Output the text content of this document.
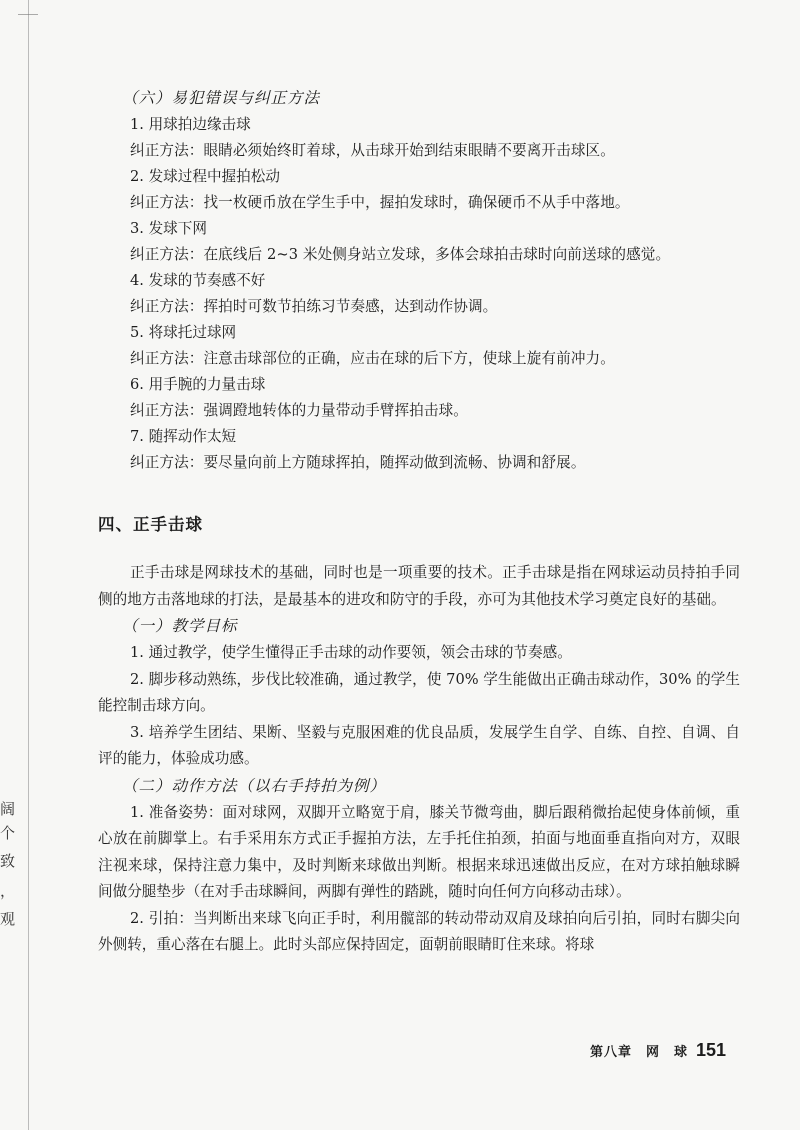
阔
个
致
，
观
（六）易犯错误与纠正方法
1. 用球拍边缘击球
纠正方法：眼睛必须始终盯着球，从击球开始到结束眼睛不要离开击球区。
2. 发球过程中握拍松动
纠正方法：找一枚硬币放在学生手中，握拍发球时，确保硬币不从手中落地。
3. 发球下网
纠正方法：在底线后 2~3 米处侧身站立发球，多体会球拍击球时向前送球的感觉。
4. 发球的节奏感不好
纠正方法：挥拍时可数节拍练习节奏感，达到动作协调。
5. 将球托过球网
纠正方法：注意击球部位的正确，应击在球的后下方，使球上旋有前冲力。
6. 用手腕的力量击球
纠正方法：强调蹬地转体的力量带动手臂挥拍击球。
7. 随挥动作太短
纠正方法：要尽量向前上方随球挥拍，随挥动做到流畅、协调和舒展。
四、正手击球
正手击球是网球技术的基础，同时也是一项重要的技术。正手击球是指在网球运动员持拍手同侧的地方击落地球的打法，是最基本的进攻和防守的手段，亦可为其他技术学习奠定良好的基础。
（一）教学目标
1. 通过教学，使学生懂得正手击球的动作要领，领会击球的节奏感。
2. 脚步移动熟练，步伐比较准确，通过教学，使 70% 学生能做出正确击球动作，30% 的学生能控制击球方向。
3. 培养学生团结、果断、坚毅与克服困难的优良品质，发展学生自学、自练、自控、自调、自评的能力，体验成功感。
（二）动作方法（以右手持拍为例）
1. 准备姿势：面对球网，双脚开立略宽于肩，膝关节微弯曲，脚后跟稍微抬起使身体前倾，重心放在前脚掌上。右手采用东方式正手握拍方法，左手托住拍颈，拍面与地面垂直指向对方，双眼注视来球，保持注意力集中，及时判断来球做出判断。根据来球迅速做出反应，在对方球拍触球瞬间做分腿垫步（在对手击球瞬间，两脚有弹性的踏跳，随时向任何方向移动击球）。
2. 引拍：当判断出来球飞向正手时，利用髋部的转动带动双肩及球拍向后引拍，同时右脚尖向外侧转，重心落在右腿上。此时头部应保持固定，面朝前眼睛盯住来球。将球
第八章　网　球 151
